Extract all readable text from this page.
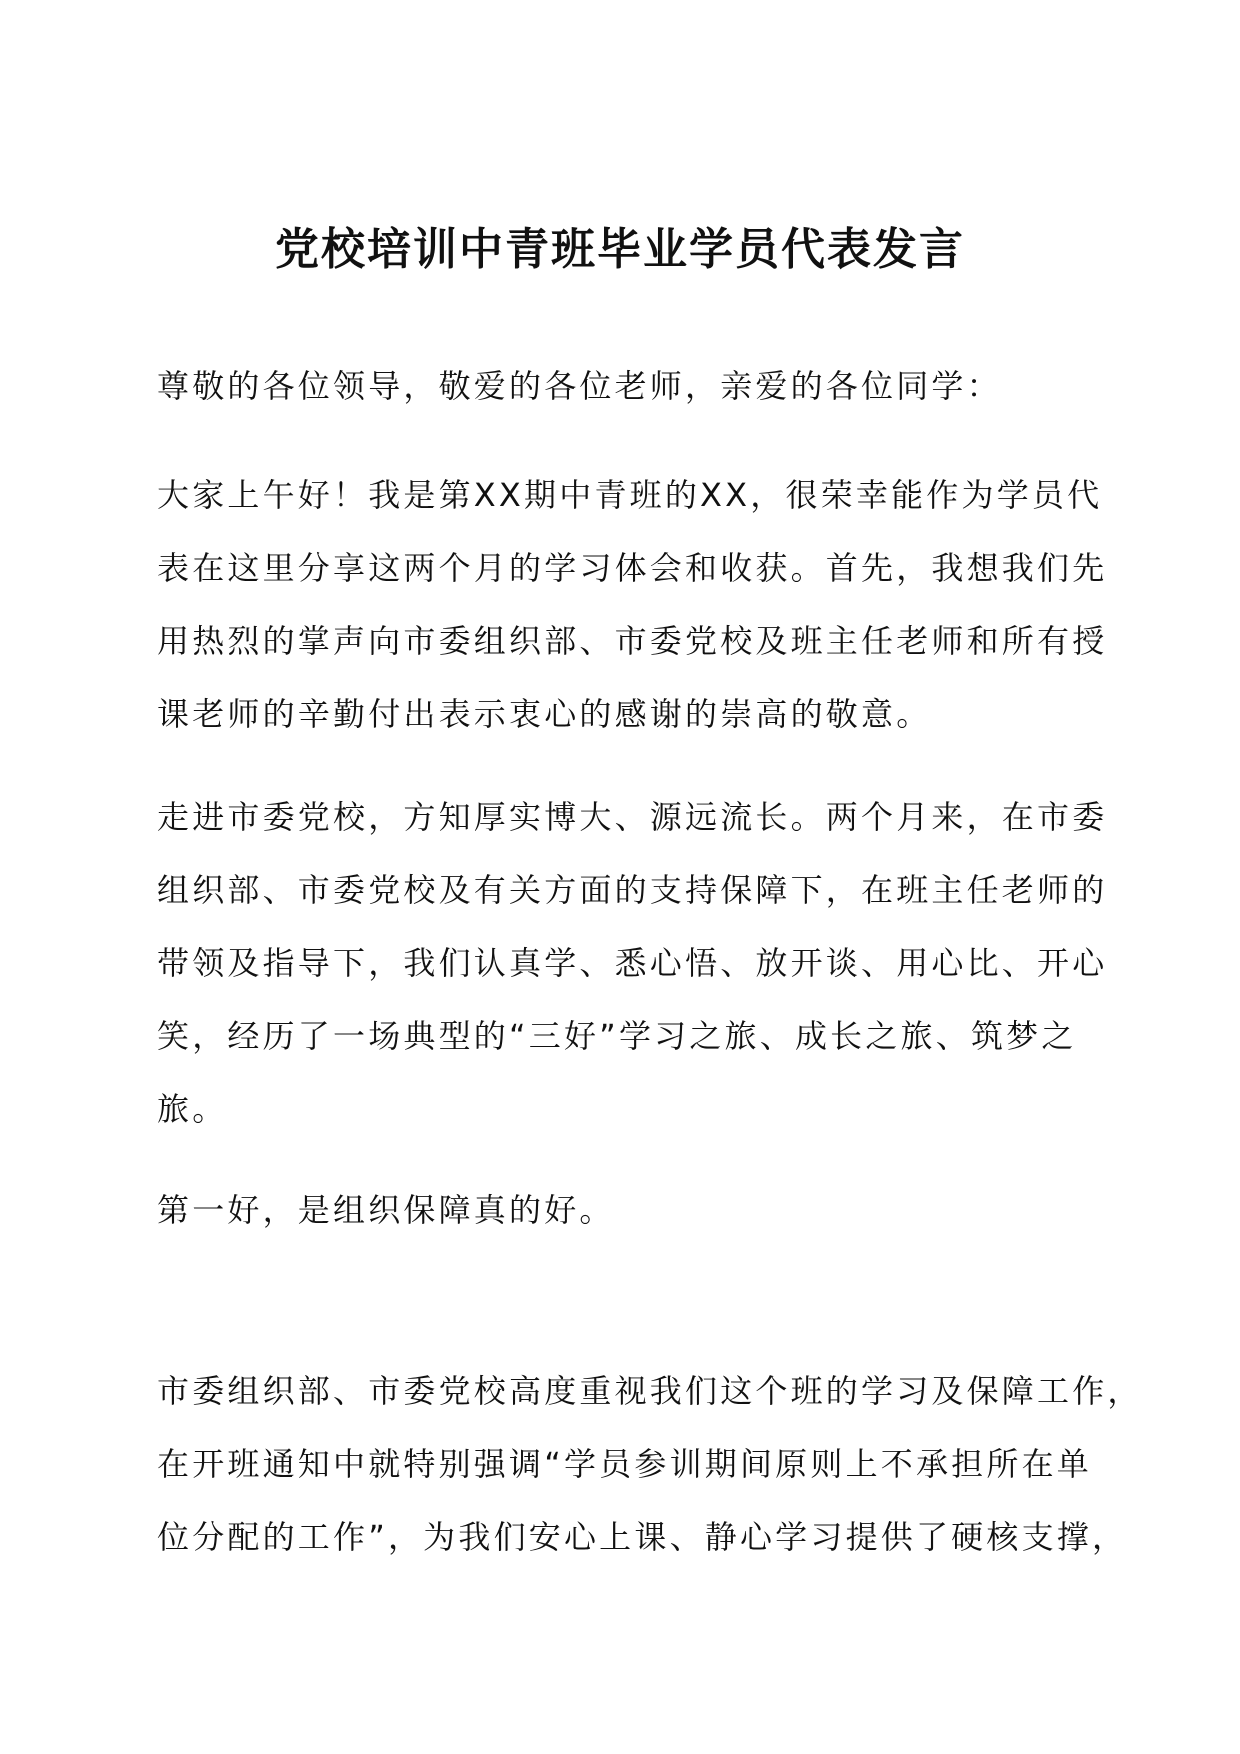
党校培训中青班毕业学员代表发言

尊敬的各位领导，敬爱的各位老师，亲爱的各位同学：

大家上午好！我是第XX期中青班的XX，很荣幸能作为学员代
表在这里分享这两个月的学习体会和收获。首先，我想我们先
用热烈的掌声向市委组织部、市委党校及班主任老师和所有授
课老师的辛勤付出表示衷心的感谢的崇高的敬意。

走进市委党校，方知厚实博大、源远流长。两个月来，在市委
组织部、市委党校及有关方面的支持保障下，在班主任老师的
带领及指导下，我们认真学、悉心悟、放开谈、用心比、开心
笑，经历了一场典型的“三好”学习之旅、成长之旅、筑梦之
旅。

第一好，是组织保障真的好。

市委组织部、市委党校高度重视我们这个班的学习及保障工作，
在开班通知中就特别强调“学员参训期间原则上不承担所在单
位分配的工作”，为我们安心上课、静心学习提供了硬核支撑，
